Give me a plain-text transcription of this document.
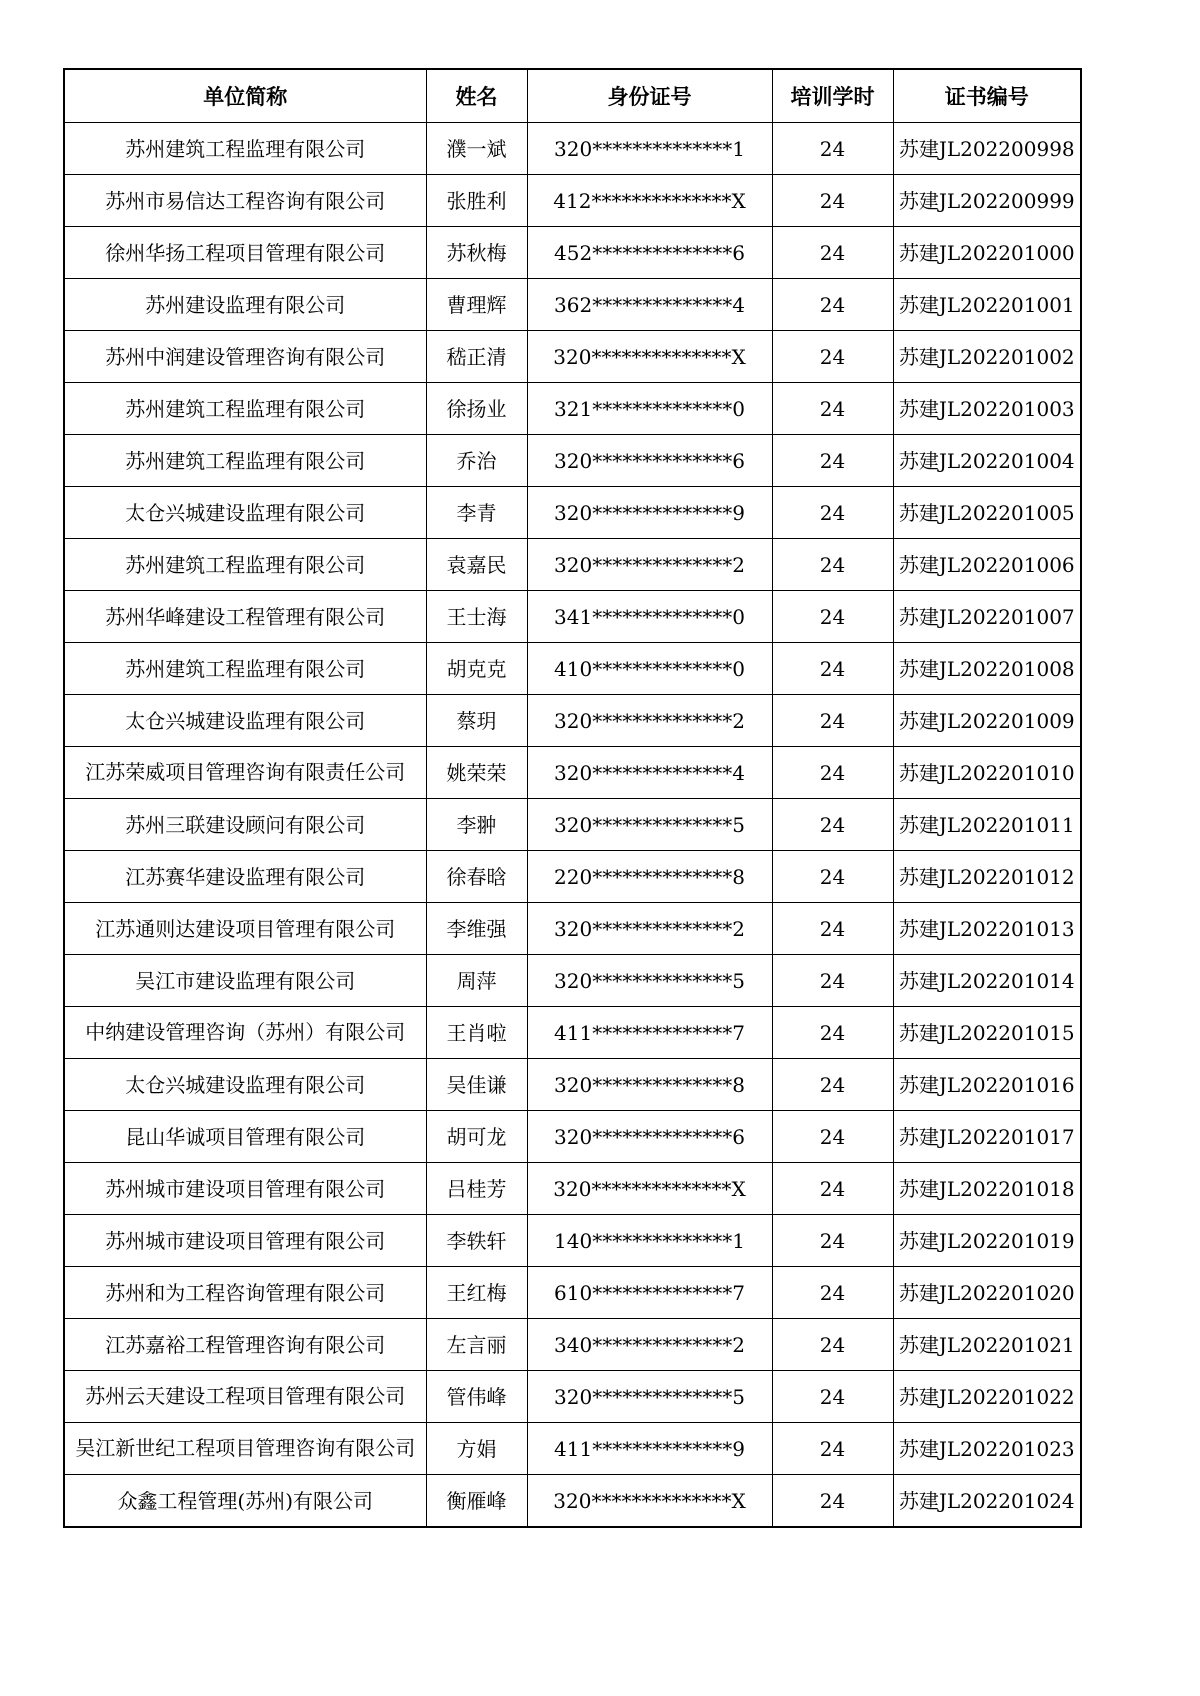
单位简称	姓名	身份证号	培训学时	证书编号
苏州建筑工程监理有限公司	濮一斌	320**************1	24	苏建JL202200998
苏州市易信达工程咨询有限公司	张胜利	412**************X	24	苏建JL202200999
徐州华扬工程项目管理有限公司	苏秋梅	452**************6	24	苏建JL202201000
苏州建设监理有限公司	曹理辉	362**************4	24	苏建JL202201001
苏州中润建设管理咨询有限公司	嵇正清	320**************X	24	苏建JL202201002
苏州建筑工程监理有限公司	徐扬业	321**************0	24	苏建JL202201003
苏州建筑工程监理有限公司	乔治	320**************6	24	苏建JL202201004
太仓兴城建设监理有限公司	李青	320**************9	24	苏建JL202201005
苏州建筑工程监理有限公司	袁嘉民	320**************2	24	苏建JL202201006
苏州华峰建设工程管理有限公司	王士海	341**************0	24	苏建JL202201007
苏州建筑工程监理有限公司	胡克克	410**************0	24	苏建JL202201008
太仓兴城建设监理有限公司	蔡玥	320**************2	24	苏建JL202201009
江苏荣威项目管理咨询有限责任公司	姚荣荣	320**************4	24	苏建JL202201010
苏州三联建设顾问有限公司	李翀	320**************5	24	苏建JL202201011
江苏赛华建设监理有限公司	徐春晗	220**************8	24	苏建JL202201012
江苏通则达建设项目管理有限公司	李维强	320**************2	24	苏建JL202201013
吴江市建设监理有限公司	周萍	320**************5	24	苏建JL202201014
中纳建设管理咨询（苏州）有限公司	王肖啦	411**************7	24	苏建JL202201015
太仓兴城建设监理有限公司	吴佳谦	320**************8	24	苏建JL202201016
昆山华诚项目管理有限公司	胡可龙	320**************6	24	苏建JL202201017
苏州城市建设项目管理有限公司	吕桂芳	320**************X	24	苏建JL202201018
苏州城市建设项目管理有限公司	李轶轩	140**************1	24	苏建JL202201019
苏州和为工程咨询管理有限公司	王红梅	610**************7	24	苏建JL202201020
江苏嘉裕工程管理咨询有限公司	左言丽	340**************2	24	苏建JL202201021
苏州云天建设工程项目管理有限公司	管伟峰	320**************5	24	苏建JL202201022
吴江新世纪工程项目管理咨询有限公司	方娟	411**************9	24	苏建JL202201023
众鑫工程管理(苏州)有限公司	衡雁峰	320**************X	24	苏建JL202201024
